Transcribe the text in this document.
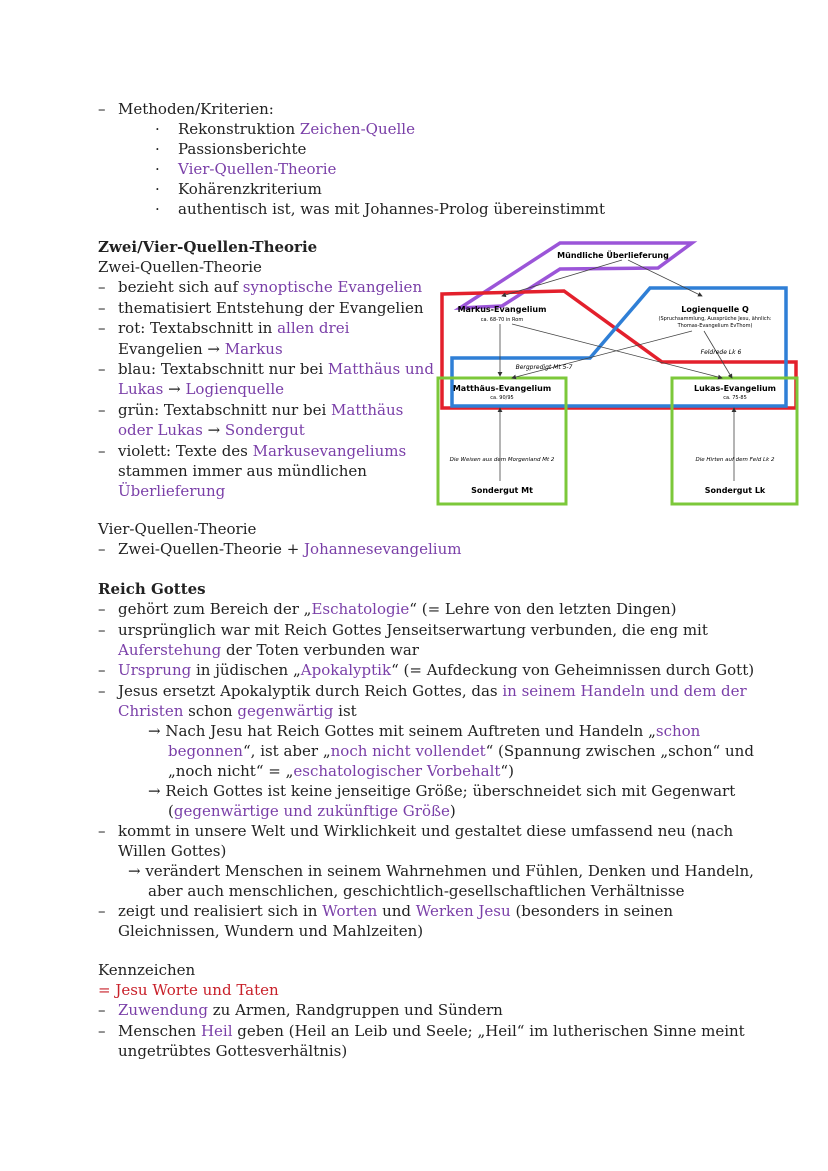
– Methoden/Kriterien:
· Rekonstruktion Zeichen-Quelle
· Passionsberichte
· Vier-Quellen-Theorie
· Kohärenzkriterium
· authentisch ist, was mit Johannes-Prolog übereinstimmt
Zwei/Vier-Quellen-Theorie
Zwei-Quellen-Theorie
– bezieht sich auf synoptische Evangelien
– thematisiert Entstehung der Evangelien
– rot: Textabschnitt in allen drei
Evangelien → Markus
– blau: Textabschnitt nur bei Matthäus und
Lukas → Logienquelle
– grün: Textabschnitt nur bei Matthäus
oder Lukas → Sondergut
– violett: Texte des Markusevangeliums
stammen immer aus mündlichen
Überlieferung
Mündliche Überlieferung
Markus-Evangelium
ca. 68-70 in Rom
Logienquelle Q
(Spruchsammlung, Aussprüche Jesu, ähnlich:
Thomas-Evangelium EvThom)
Feldrede Lk 6
Bergpredigt Mt 5-7
Matthäus-Evangelium
ca. 90/95
Lukas-Evangelium
ca. 75-85
Die Weisen aus dem Morgenland Mt 2	Die Hirten auf dem Feld Lk 2
Sondergut Mt	Sondergut Lk
Vier-Quellen-Theorie
– Zwei-Quellen-Theorie + Johannesevangelium
Reich Gottes
– gehört zum Bereich der „Eschatologie“ (= Lehre von den letzten Dingen)
– ursprünglich war mit Reich Gottes Jenseitserwartung verbunden, die eng mit
Auferstehung der Toten verbunden war
– Ursprung in jüdischen „Apokalyptik“ (= Aufdeckung von Geheimnissen durch Gott)
– Jesus ersetzt Apokalyptik durch Reich Gottes, das in seinem Handeln und dem der
Christen schon gegenwärtig ist
→ Nach Jesu hat Reich Gottes mit seinem Auftreten und Handeln „schon
begonnen“, ist aber „noch nicht vollendet“ (Spannung zwischen „schon“ und
„noch nicht“ = „eschatologischer Vorbehalt“)
→ Reich Gottes ist keine jenseitige Größe; überschneidet sich mit Gegenwart
(gegenwärtige und zukünftige Größe)
– kommt in unsere Welt und Wirklichkeit und gestaltet diese umfassend neu (nach
Willen Gottes)
→ verändert Menschen in seinem Wahrnehmen und Fühlen, Denken und Handeln,
aber auch menschlichen, geschichtlich-gesellschaftlichen Verhältnisse
– zeigt und realisiert sich in Worten und Werken Jesu (besonders in seinen
Gleichnissen, Wundern und Mahlzeiten)
Kennzeichen
= Jesu Worte und Taten
– Zuwendung zu Armen, Randgruppen und Sündern
– Menschen Heil geben (Heil an Leib und Seele; „Heil“ im lutherischen Sinne meint
ungetrübtes Gottesverhältnis)
